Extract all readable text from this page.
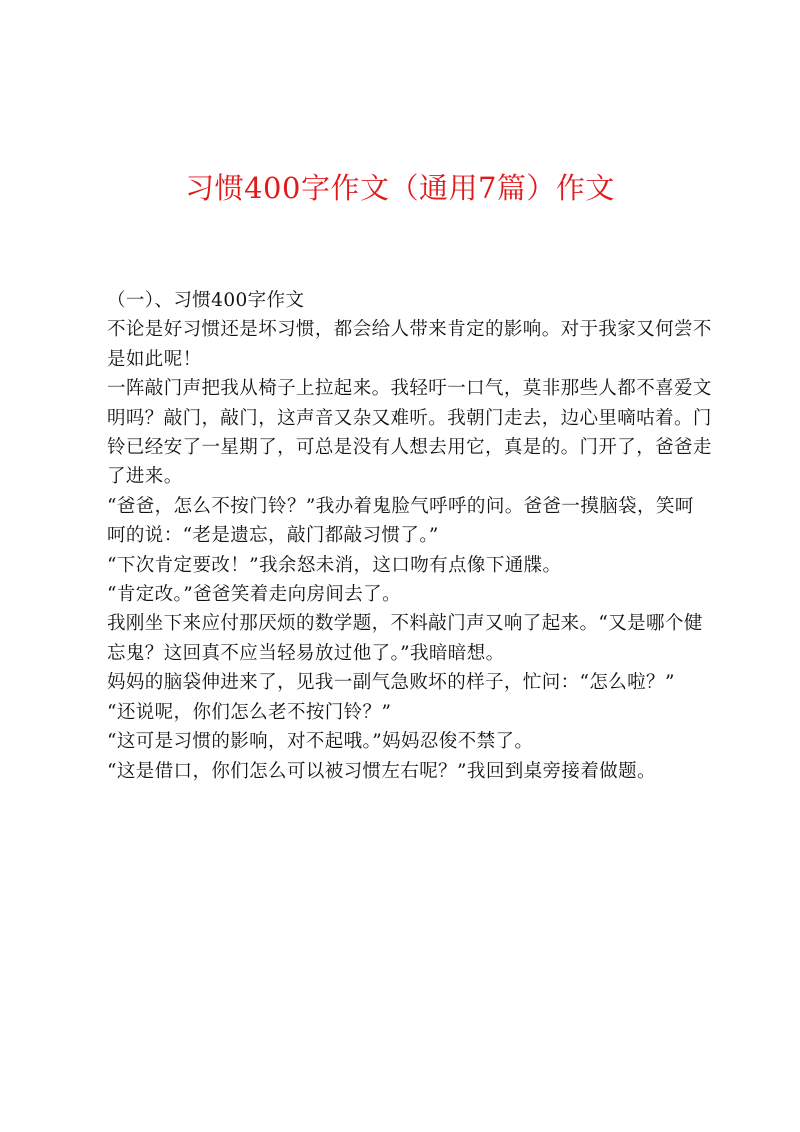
习惯400字作文（通用7篇）作文

（一）、习惯400字作文

不论是好习惯还是坏习惯，都会给人带来肯定的影响。对于我家又何尝不

是如此呢！

一阵敲门声把我从椅子上拉起来。我轻吁一口气，莫非那些人都不喜爱文

明吗？敲门，敲门，这声音又杂又难听。我朝门走去，边心里嘀咕着。门

铃已经安了一星期了，可总是没有人想去用它，真是的。门开了，爸爸走

了进来。

“爸爸，怎么不按门铃？”我办着鬼脸气呼呼的问。爸爸一摸脑袋，笑呵

呵的说：“老是遗忘，敲门都敲习惯了。”

“下次肯定要改！”我余怒未消，这口吻有点像下通牒。

“肯定改。”爸爸笑着走向房间去了。

我刚坐下来应付那厌烦的数学题，不料敲门声又响了起来。“又是哪个健

忘鬼？这回真不应当轻易放过他了。”我暗暗想。

妈妈的脑袋伸进来了，见我一副气急败坏的样子，忙问：“怎么啦？”

“还说呢，你们怎么老不按门铃？”

“这可是习惯的影响，对不起哦。”妈妈忍俊不禁了。

“这是借口，你们怎么可以被习惯左右呢？”我回到桌旁接着做题。
